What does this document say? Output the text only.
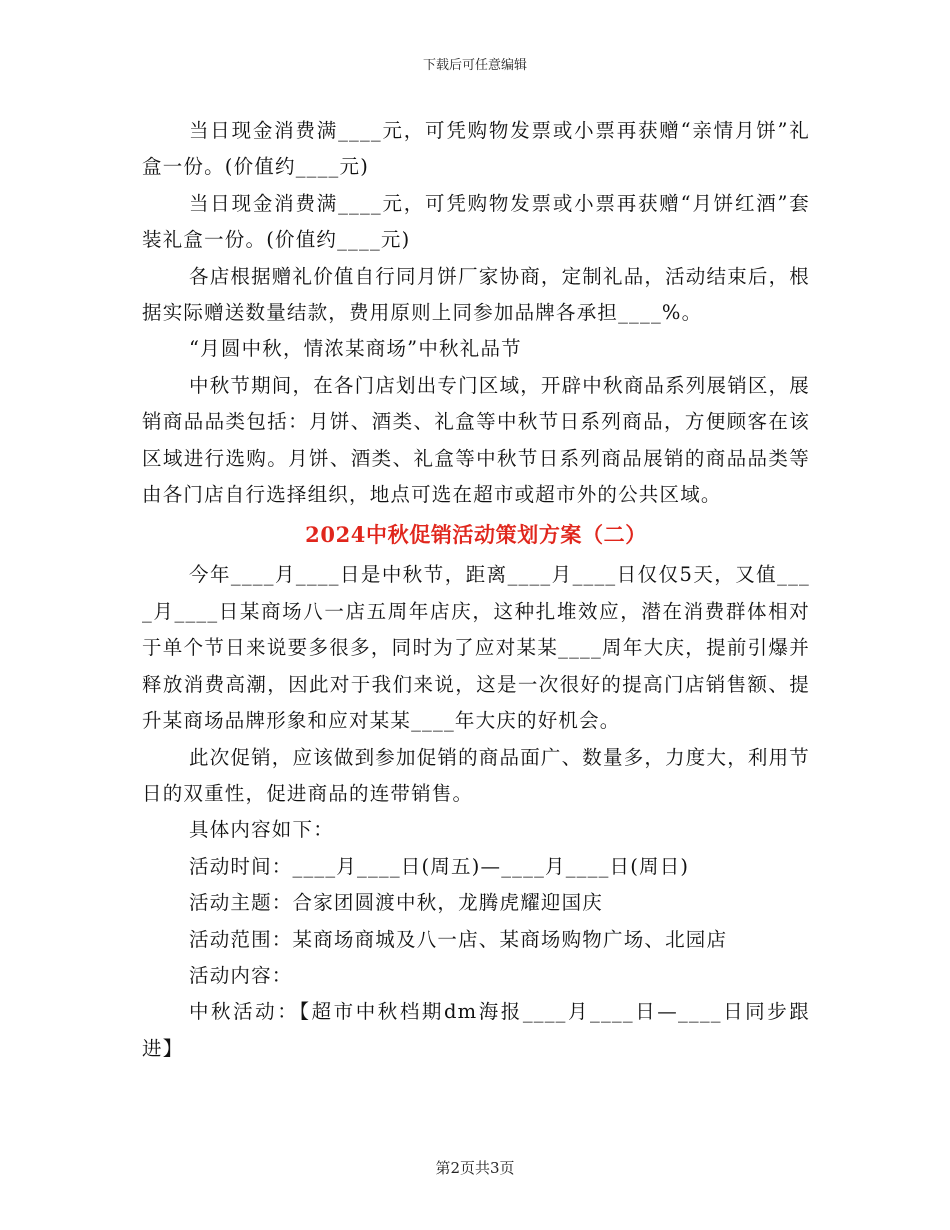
下载后可任意编辑

当日现金消费满____元，可凭购物发票或小票再获赠“亲情月饼”礼盒一份。(价值约____元)

当日现金消费满____元，可凭购物发票或小票再获赠“月饼红酒”套装礼盒一份。(价值约____元)

各店根据赠礼价值自行同月饼厂家协商，定制礼品，活动结束后，根据实际赠送数量结款，费用原则上同参加品牌各承担____%。

“月圆中秋，情浓某商场”中秋礼品节

中秋节期间，在各门店划出专门区域，开辟中秋商品系列展销区，展销商品品类包括：月饼、酒类、礼盒等中秋节日系列商品，方便顾客在该区域进行选购。月饼、酒类、礼盒等中秋节日系列商品展销的商品品类等由各门店自行选择组织，地点可选在超市或超市外的公共区域。

2024中秋促销活动策划方案（二）

今年____月____日是中秋节，距离____月____日仅仅5天，又值____月____日某商场八一店五周年店庆，这种扎堆效应，潜在消费群体相对于单个节日来说要多很多，同时为了应对某某____周年大庆，提前引爆并释放消费高潮，因此对于我们来说，这是一次很好的提高门店销售额、提升某商场品牌形象和应对某某____年大庆的好机会。

此次促销，应该做到参加促销的商品面广、数量多，力度大，利用节日的双重性，促进商品的连带销售。

具体内容如下：

活动时间：____月____日(周五)—____月____日(周日)

活动主题：合家团圆渡中秋，龙腾虎耀迎国庆

活动范围：某商场商城及八一店、某商场购物广场、北园店

活动内容：

中秋活动：【超市中秋档期dm海报____月____日—____日同步跟进】

第2页共3页
